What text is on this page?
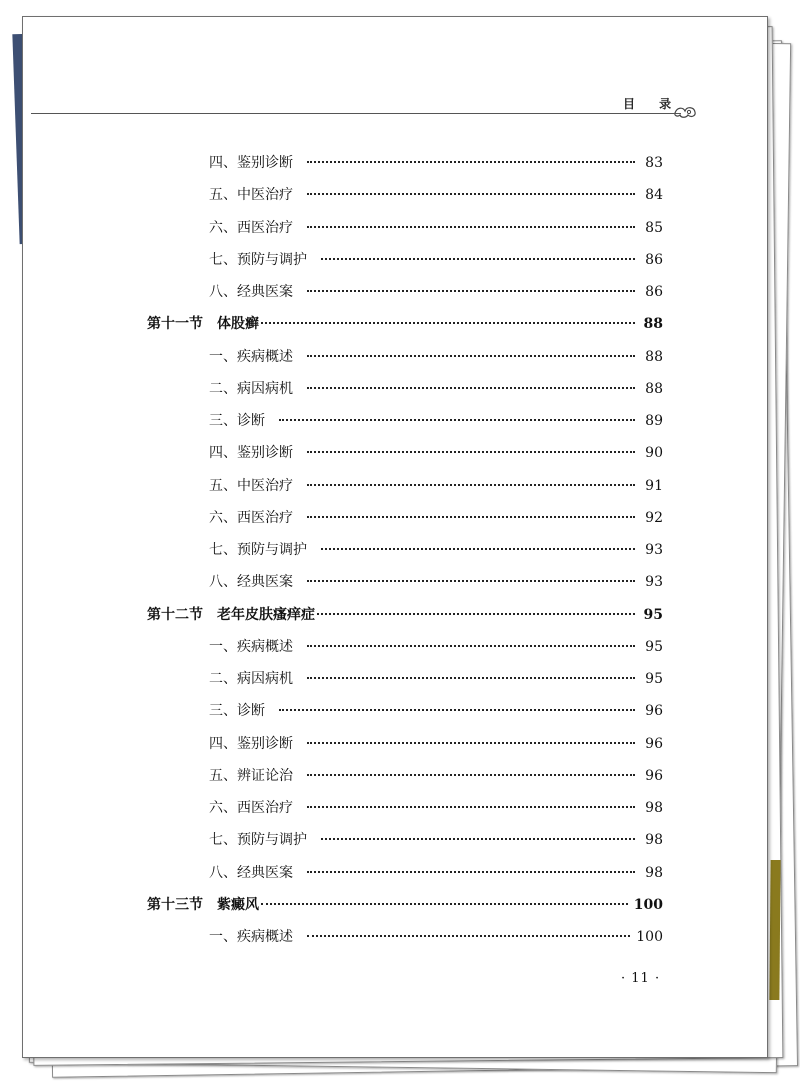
目 录
四、鉴别诊断	83
五、中医治疗	84
六、西医治疗	85
七、预防与调护	86
八、经典医案	86
第十一节　体股癣	88
一、疾病概述	88
二、病因病机	88
三、诊断	89
四、鉴别诊断	90
五、中医治疗	91
六、西医治疗	92
七、预防与调护	93
八、经典医案	93
第十二节　老年皮肤瘙痒症	95
一、疾病概述	95
二、病因病机	95
三、诊断	96
四、鉴别诊断	96
五、辨证论治	96
六、西医治疗	98
七、预防与调护	98
八、经典医案	98
第十三节　紫癜风	100
一、疾病概述	100
· 11 ·
